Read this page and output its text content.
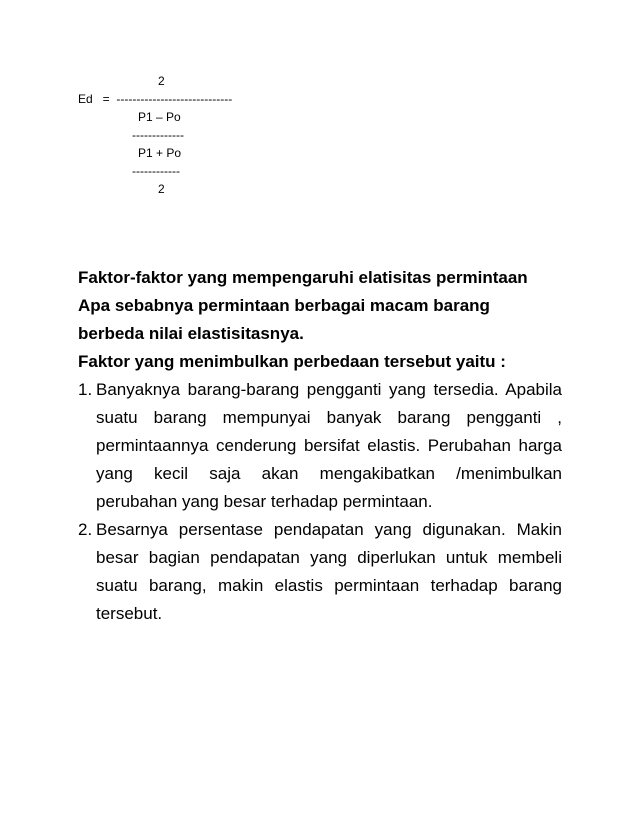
2
Ed   =  -----------------------------
P1 – Po
-------------
P1 + Po
------------
2

Faktor-faktor yang mempengaruhi elatisitas permintaan

Apa sebabnya permintaan berbagai macam barang

berbeda nilai elastisitasnya.

Faktor yang menimbulkan perbedaan tersebut yaitu :

1. Banyaknya barang-barang pengganti yang tersedia. Apabila suatu barang mempunyai banyak barang pengganti , permintaannya cenderung bersifat elastis. Perubahan harga yang kecil saja akan mengakibatkan /menimbulkan perubahan yang besar terhadap permintaan.
2. Besarnya persentase pendapatan yang digunakan. Makin besar bagian pendapatan yang diperlukan untuk membeli suatu barang, makin elastis permintaan terhadap barang tersebut.
